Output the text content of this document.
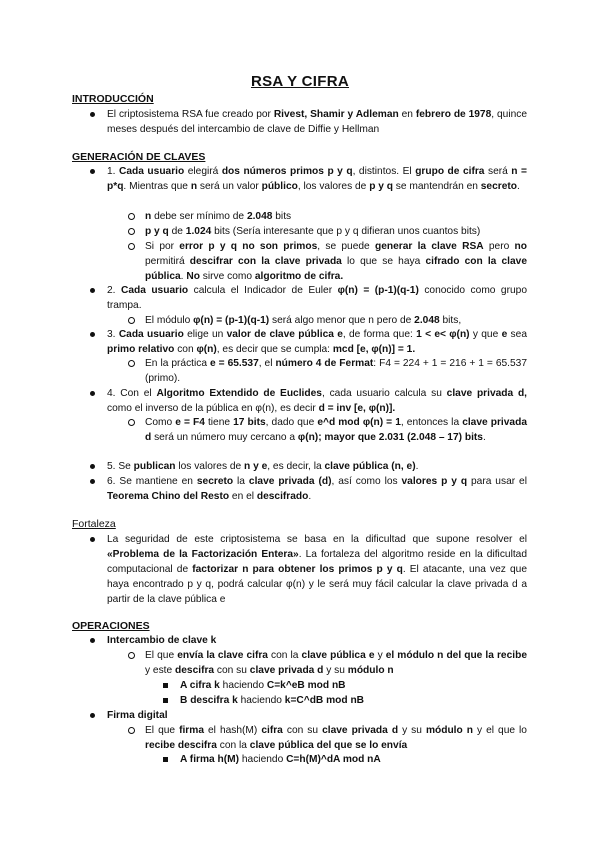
RSA Y CIFRA
INTRODUCCIÓN
El criptosistema RSA fue creado por Rivest, Shamir y Adleman en febrero de 1978, quince meses después del intercambio de clave de Diffie y Hellman
GENERACIÓN DE CLAVES
1. Cada usuario elegirá dos números primos p y q, distintos. El grupo de cifra será n = p*q. Mientras que n será un valor público, los valores de p y q se mantendrán en secreto.
n debe ser mínimo de 2.048 bits
p y q de 1.024 bits (Sería interesante que p y q difieran unos cuantos bits)
Si por error p y q no son primos, se puede generar la clave RSA pero no permitirá descifrar con la clave privada lo que se haya cifrado con la clave pública. No sirve como algoritmo de cifra.
2. Cada usuario calcula el Indicador de Euler φ(n) = (p-1)(q-1) conocido como grupo trampa.
El módulo φ(n) = (p-1)(q-1) será algo menor que n pero de 2.048 bits,
3. Cada usuario elige un valor de clave pública e, de forma que: 1 < e< φ(n) y que e sea primo relativo con φ(n), es decir que se cumpla: mcd [e, φ(n)] = 1.
En la práctica e = 65.537, el número 4 de Fermat: F4 = 224 + 1 = 216 + 1 = 65.537 (primo).
4. Con el Algoritmo Extendido de Euclides, cada usuario calcula su clave privada d, como el inverso de la pública en φ(n), es decir d = inv [e, φ(n)].
Como e = F4 tiene 17 bits, dado que e^d mod φ(n) = 1, entonces la clave privada d será un número muy cercano a φ(n); mayor que 2.031 (2.048 – 17) bits.
5. Se publican los valores de n y e, es decir, la clave pública (n, e).
6. Se mantiene en secreto la clave privada (d), así como los valores p y q para usar el Teorema Chino del Resto en el descifrado.
Fortaleza
La seguridad de este criptosistema se basa en la dificultad que supone resolver el «Problema de la Factorización Entera». La fortaleza del algoritmo reside en la dificultad computacional de factorizar n para obtener los primos p y q. El atacante, una vez que haya encontrado p y q, podrá calcular φ(n) y le será muy fácil calcular la clave privada d a partir de la clave pública e
OPERACIONES
Intercambio de clave k
El que envía la clave cifra con la clave pública e y el módulo n del que la recibe y este descifra con su clave privada d y su módulo n
A cifra k haciendo C=k^eB mod nB
B descifra k haciendo k=C^dB mod nB
Firma digital
El que firma el hash(M) cifra con su clave privada d y su módulo n y el que lo recibe descifra con la clave pública del que se lo envía
A firma h(M) haciendo C=h(M)^dA mod nA
